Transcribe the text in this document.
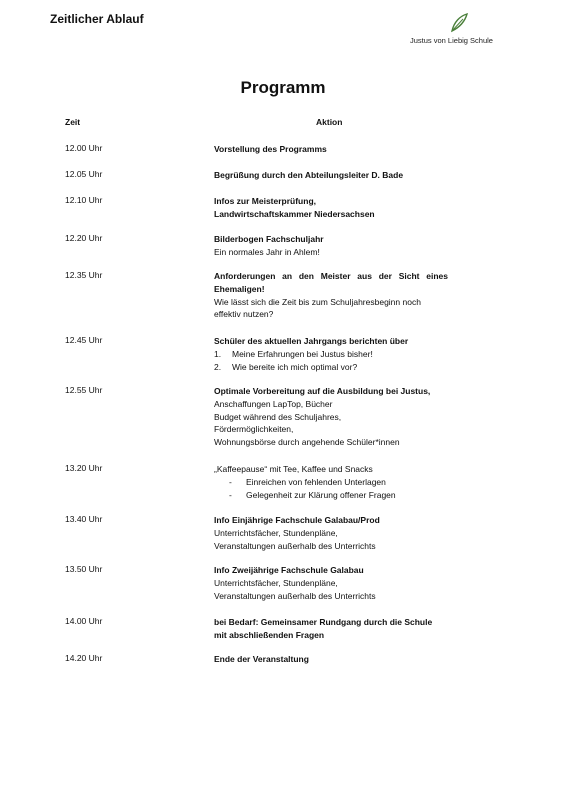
Zeitlicher Ablauf
Justus von Liebig Schule
Programm
Zeit	Aktion
12.00 Uhr	Vorstellung des Programms
12.05 Uhr	Begrüßung durch den Abteilungsleiter D. Bade
12.10 Uhr	Infos zur Meisterprüfung,
Landwirtschaftskammer Niedersachsen
12.20 Uhr	Bilderbogen Fachschuljahr
Ein normales Jahr in Ahlem!
12.35 Uhr	Anforderungen an den Meister aus der Sicht eines
Ehemaligen!
Wie lässt sich die Zeit bis zum Schuljahresbeginn noch
effektiv nutzen?
12.45 Uhr	Schüler des aktuellen Jahrgangs berichten über
1. Meine Erfahrungen bei Justus bisher!
2. Wie bereite ich mich optimal vor?
12.55 Uhr	Optimale Vorbereitung auf die Ausbildung bei Justus,
Anschaffungen LapTop, Bücher
Budget während des Schuljahres,
Fördermöglichkeiten,
Wohnungsbörse durch angehende Schüler*innen
13.20 Uhr	„Kaffeepause“ mit Tee, Kaffee und Snacks
- Einreichen von fehlenden Unterlagen
- Gelegenheit zur Klärung offener Fragen
13.40 Uhr	Info Einjährige Fachschule Galabau/Prod
Unterrichtsfächer, Stundenpläne,
Veranstaltungen außerhalb des Unterrichts
13.50 Uhr	Info Zweijährige Fachschule Galabau
Unterrichtsfächer, Stundenpläne,
Veranstaltungen außerhalb des Unterrichts
14.00 Uhr	bei Bedarf: Gemeinsamer Rundgang durch die Schule
mit abschließenden Fragen
14.20 Uhr	Ende der Veranstaltung
